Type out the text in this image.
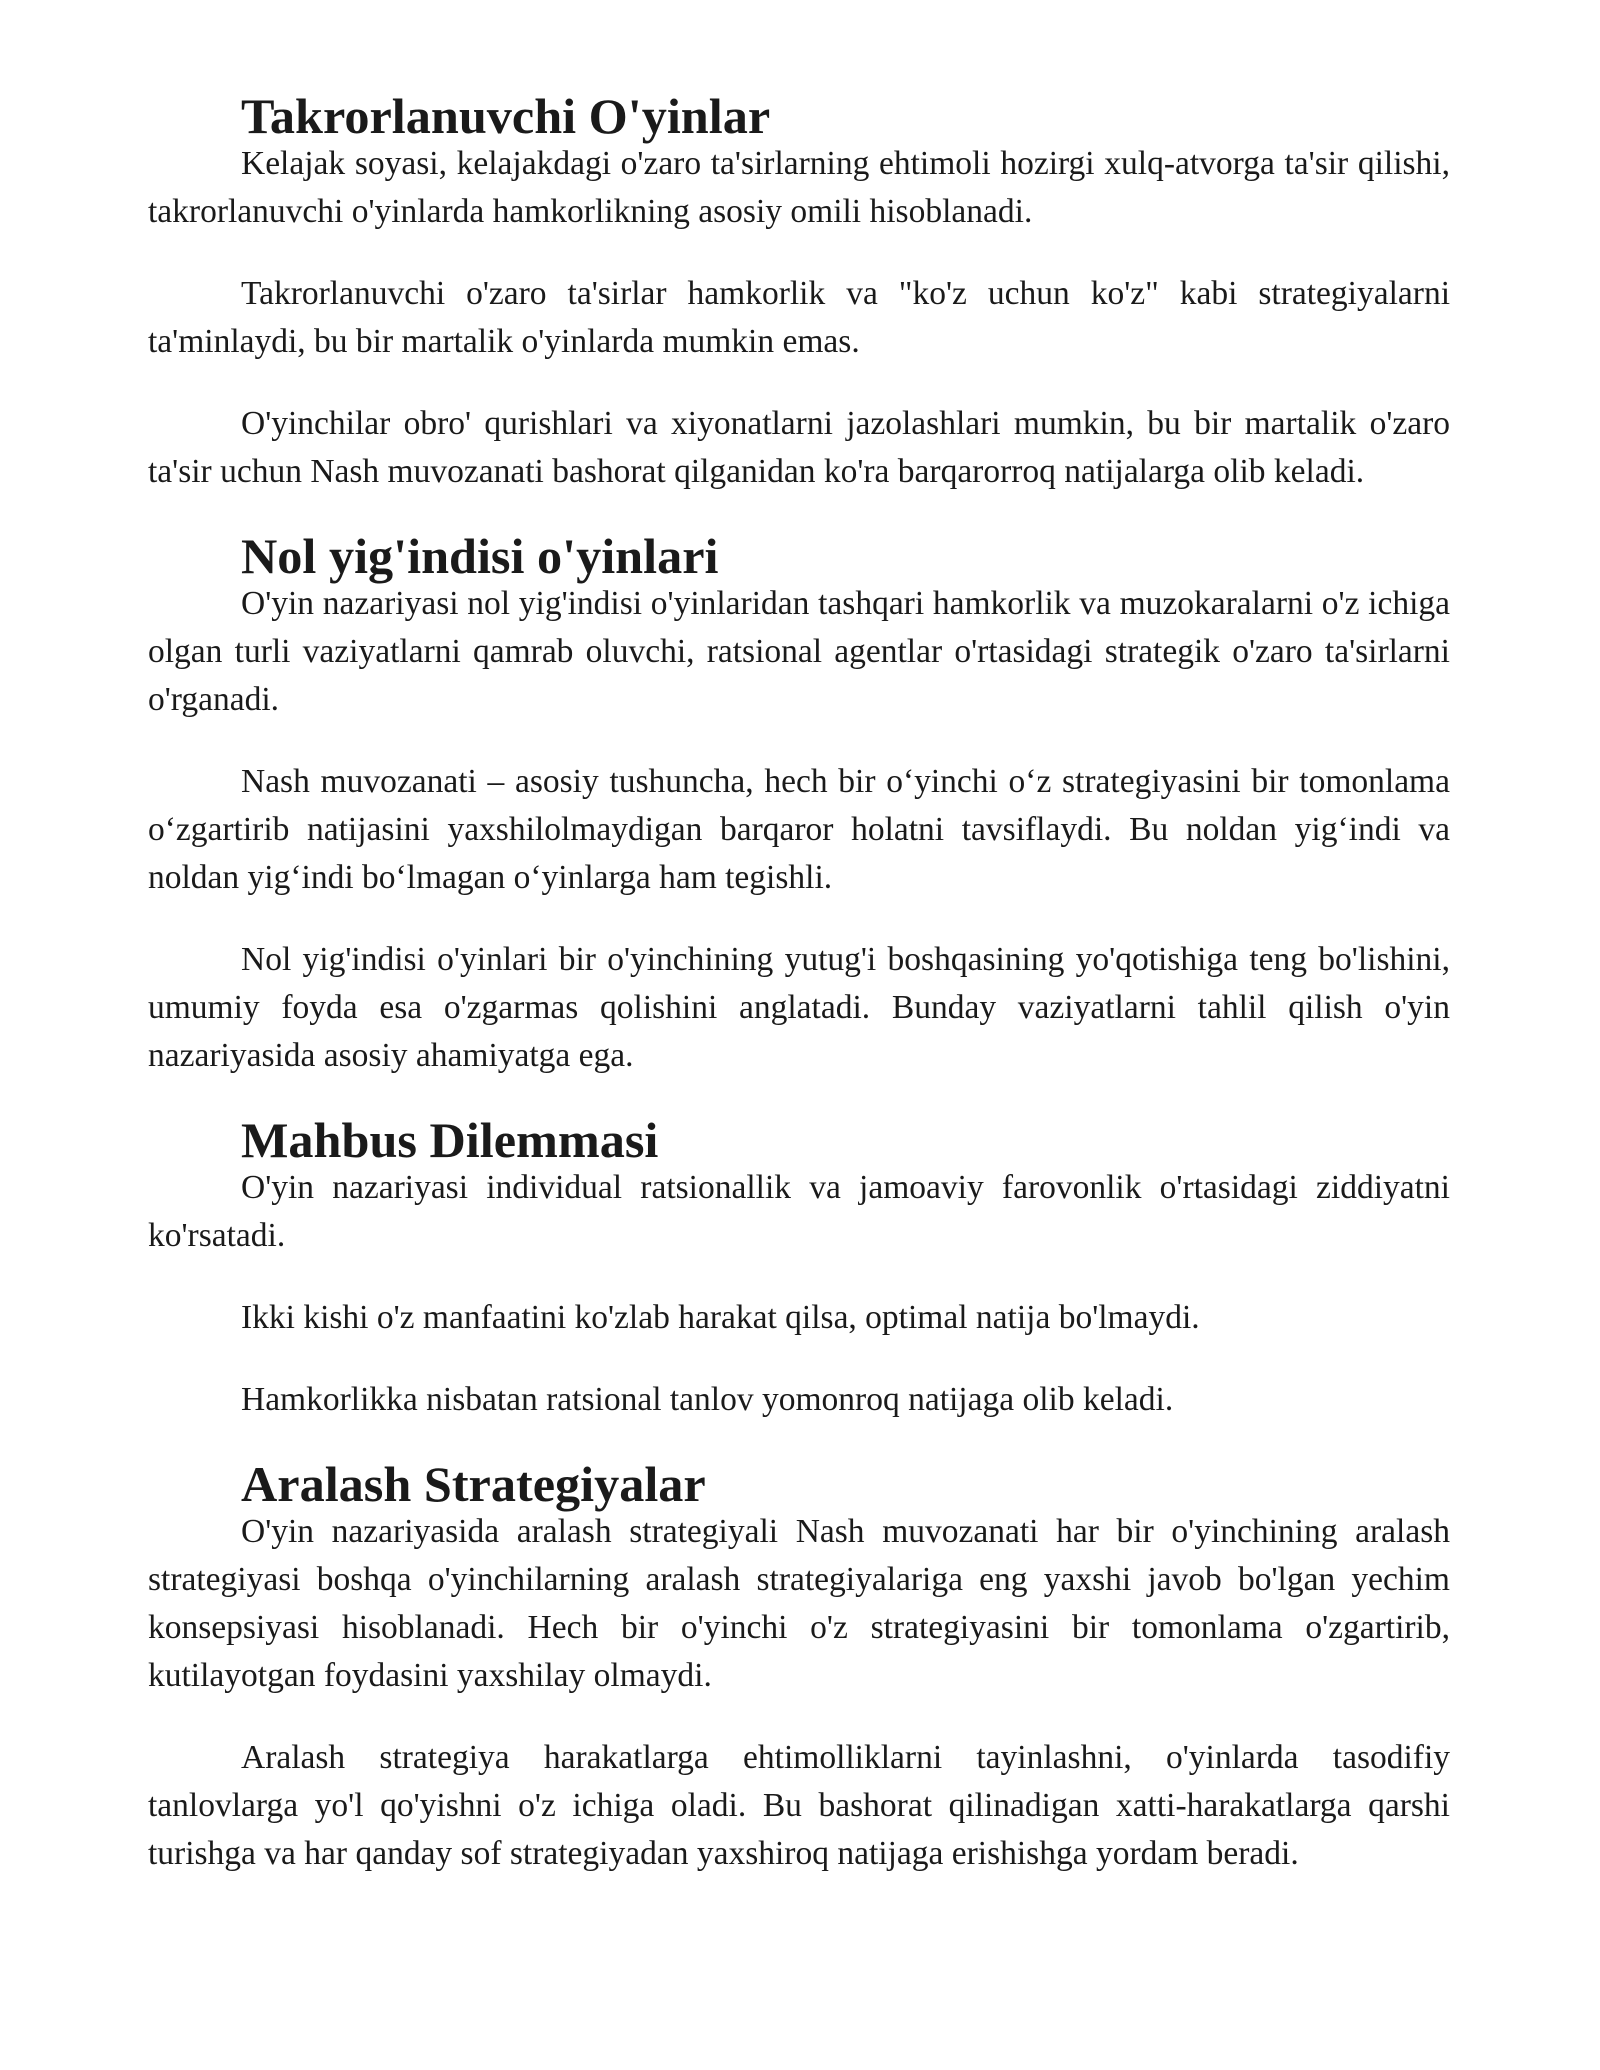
Takrorlanuvchi O'yinlar

Kelajak soyasi, kelajakdagi o'zaro ta'sirlarning ehtimoli hozirgi xulq-atvorga ta'sir qilishi, takrorlanuvchi o'yinlarda hamkorlikning asosiy omili hisoblanadi.

Takrorlanuvchi o'zaro ta'sirlar hamkorlik va "ko'z uchun ko'z" kabi strategiyalarni ta'minlaydi, bu bir martalik o'yinlarda mumkin emas.

O'yinchilar obro' qurishlari va xiyonatlarni jazolashlari mumkin, bu bir martalik o'zaro ta'sir uchun Nash muvozanati bashorat qilganidan ko'ra barqarorroq natijalarga olib keladi.

Nol yig'indisi o'yinlari

O'yin nazariyasi nol yig'indisi o'yinlaridan tashqari hamkorlik va muzokaralarni o'z ichiga olgan turli vaziyatlarni qamrab oluvchi, ratsional agentlar o'rtasidagi strategik o'zaro ta'sirlarni o'rganadi.

Nash muvozanati – asosiy tushuncha, hech bir o‘yinchi o‘z strategiyasini bir tomonlama o‘zgartirib natijasini yaxshilolmaydigan barqaror holatni tavsiflaydi. Bu noldan yig‘indi va noldan yig‘indi bo‘lmagan o‘yinlarga ham tegishli.

Nol yig'indisi o'yinlari bir o'yinchining yutug'i boshqasining yo'qotishiga teng bo'lishini, umumiy foyda esa o'zgarmas qolishini anglatadi. Bunday vaziyatlarni tahlil qilish o'yin nazariyasida asosiy ahamiyatga ega.

Mahbus Dilemmasi

O'yin nazariyasi individual ratsionallik va jamoaviy farovonlik o'rtasidagi ziddiyatni ko'rsatadi.

Ikki kishi o'z manfaatini ko'zlab harakat qilsa, optimal natija bo'lmaydi.

Hamkorlikka nisbatan ratsional tanlov yomonroq natijaga olib keladi.

Aralash Strategiyalar

O'yin nazariyasida aralash strategiyali Nash muvozanati har bir o'yinchining aralash strategiyasi boshqa o'yinchilarning aralash strategiyalariga eng yaxshi javob bo'lgan yechim konsepsiyasi hisoblanadi. Hech bir o'yinchi o'z strategiyasini bir tomonlama o'zgartirib, kutilayotgan foydasini yaxshilay olmaydi.

Aralash strategiya harakatlarga ehtimolliklarni tayinlashni, o'yinlarda tasodifiy tanlovlarga yo'l qo'yishni o'z ichiga oladi. Bu bashorat qilinadigan xatti-harakatlarga qarshi turishga va har qanday sof strategiyadan yaxshiroq natijaga erishishga yordam beradi.
